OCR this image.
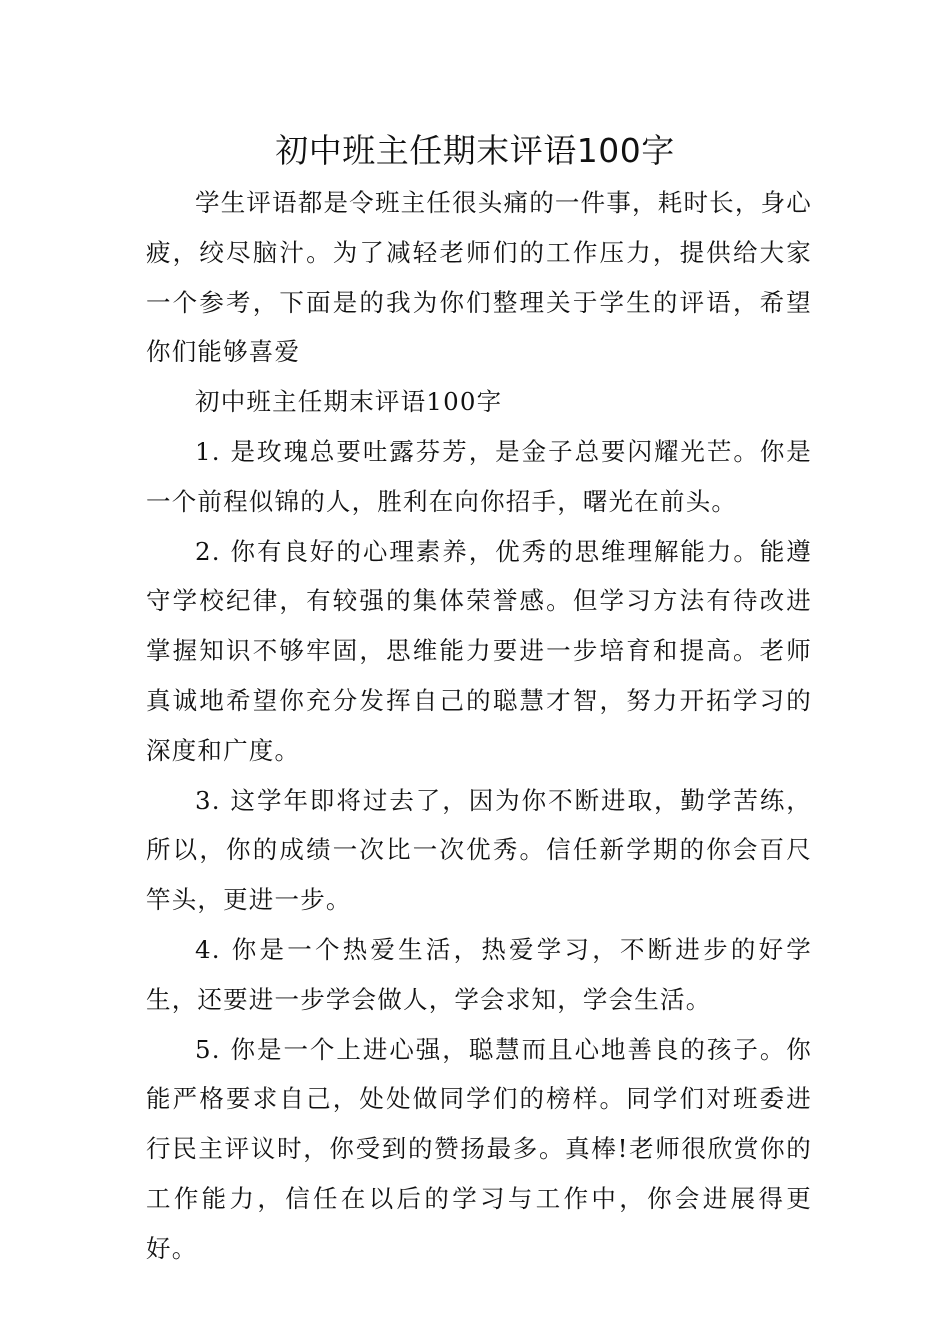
初中班主任期末评语100字

学生评语都是令班主任很头痛的一件事，耗时长，身心疲，绞尽脑汁。为了减轻老师们的工作压力，提供给大家一个参考，下面是的我为你们整理关于学生的评语，希望你们能够喜爱

初中班主任期末评语100字

1. 是玫瑰总要吐露芬芳，是金子总要闪耀光芒。你是一个前程似锦的人，胜利在向你招手，曙光在前头。

2. 你有良好的心理素养，优秀的思维理解能力。能遵守学校纪律，有较强的集体荣誉感。但学习方法有待改进掌握知识不够牢固，思维能力要进一步培育和提高。老师真诚地希望你充分发挥自己的聪慧才智，努力开拓学习的深度和广度。

3. 这学年即将过去了，因为你不断进取，勤学苦练，所以，你的成绩一次比一次优秀。信任新学期的你会百尺竿头，更进一步。

4. 你是一个热爱生活，热爱学习，不断进步的好学生，还要进一步学会做人，学会求知，学会生活。

5. 你是一个上进心强，聪慧而且心地善良的孩子。你能严格要求自己，处处做同学们的榜样。同学们对班委进行民主评议时，你受到的赞扬最多。真棒!老师很欣赏你的工作能力，信任在以后的学习与工作中，你会进展得更好。
